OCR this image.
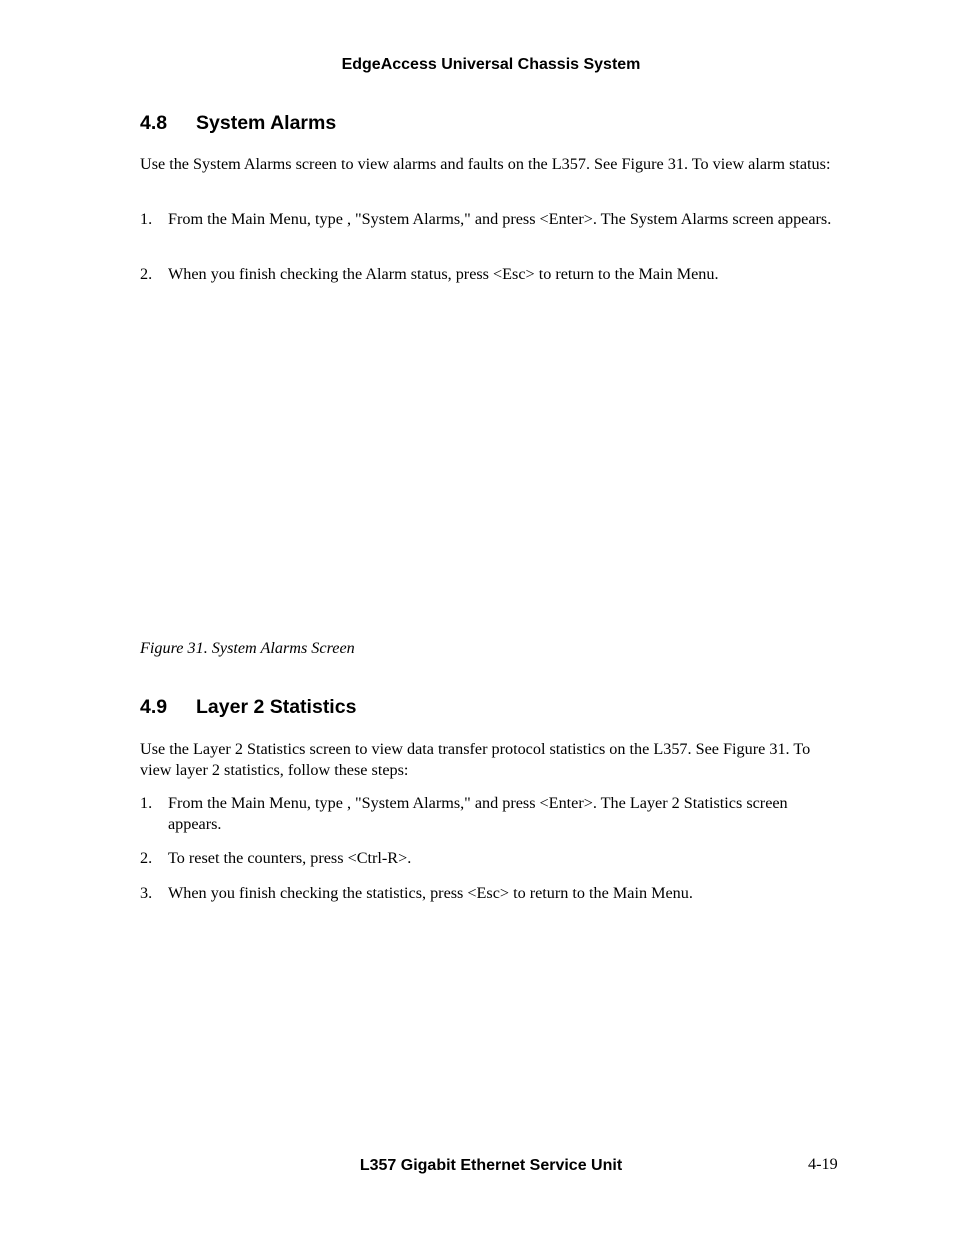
EdgeAccess Universal Chassis System
4.8 System Alarms

Use the System Alarms screen to view alarms and faults on the L357. See Figure 31. To view alarm status:

1. From the Main Menu, type , "System Alarms," and press <Enter>. The System Alarms screen appears.
2. When you finish checking the Alarm status, press <Esc> to return to the Main Menu.
Figure 31. System Alarms Screen
4.9 Layer 2 Statistics

Use the Layer 2 Statistics screen to view data transfer protocol statistics on the L357. See Figure 31. To view layer 2 statistics, follow these steps:

1. From the Main Menu, type , "System Alarms," and press <Enter>. The Layer 2 Statistics screen appears.
2. To reset the counters, press <Ctrl-R>.
3. When you finish checking the statistics, press <Esc> to return to the Main Menu.
L357 Gigabit Ethernet Service Unit	4-19
